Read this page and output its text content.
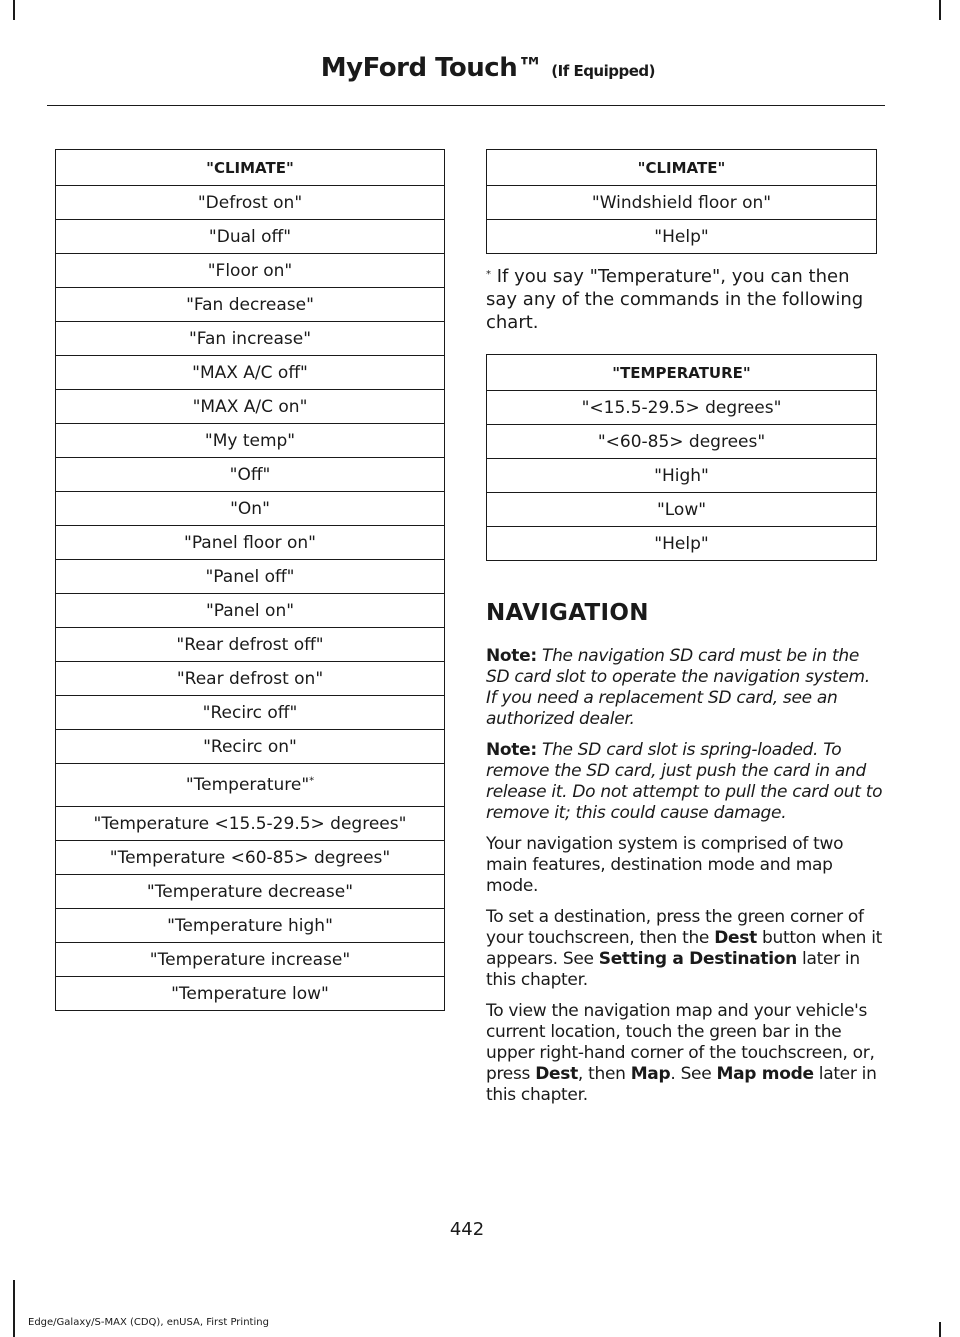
MyFord Touch™ (If Equipped)
"CLIMATE"
"Defrost on"
"Dual off"
"Floor on"
"Fan decrease"
"Fan increase"
"MAX A/C off"
"MAX A/C on"
"My temp"
"Off"
"On"
"Panel floor on"
"Panel off"
"Panel on"
"Rear defrost off"
"Rear defrost on"
"Recirc off"
"Recirc on"
"Temperature"*
"Temperature <15.5-29.5> degrees"
"Temperature <60-85> degrees"
"Temperature decrease"
"Temperature high"
"Temperature increase"
"Temperature low"
"CLIMATE"
"Windshield floor on"
"Help"
* If you say "Temperature", you can then say any of the commands in the following chart.
"TEMPERATURE"
"<15.5-29.5> degrees"
"<60-85> degrees"
"High"
"Low"
"Help"
NAVIGATION

Note: The navigation SD card must be in the SD card slot to operate the navigation system. If you need a replacement SD card, see an authorized dealer.

Note: The SD card slot is spring-loaded. To remove the SD card, just push the card in and release it. Do not attempt to pull the card out to remove it; this could cause damage.

Your navigation system is comprised of two main features, destination mode and map mode.

To set a destination, press the green corner of your touchscreen, then the Dest button when it appears. See Setting a Destination later in this chapter.

To view the navigation map and your vehicle's current location, touch the green bar in the upper right-hand corner of the touchscreen, or, press Dest, then Map. See Map mode later in this chapter.

442
Edge/Galaxy/S-MAX (CDQ), enUSA, First Printing
